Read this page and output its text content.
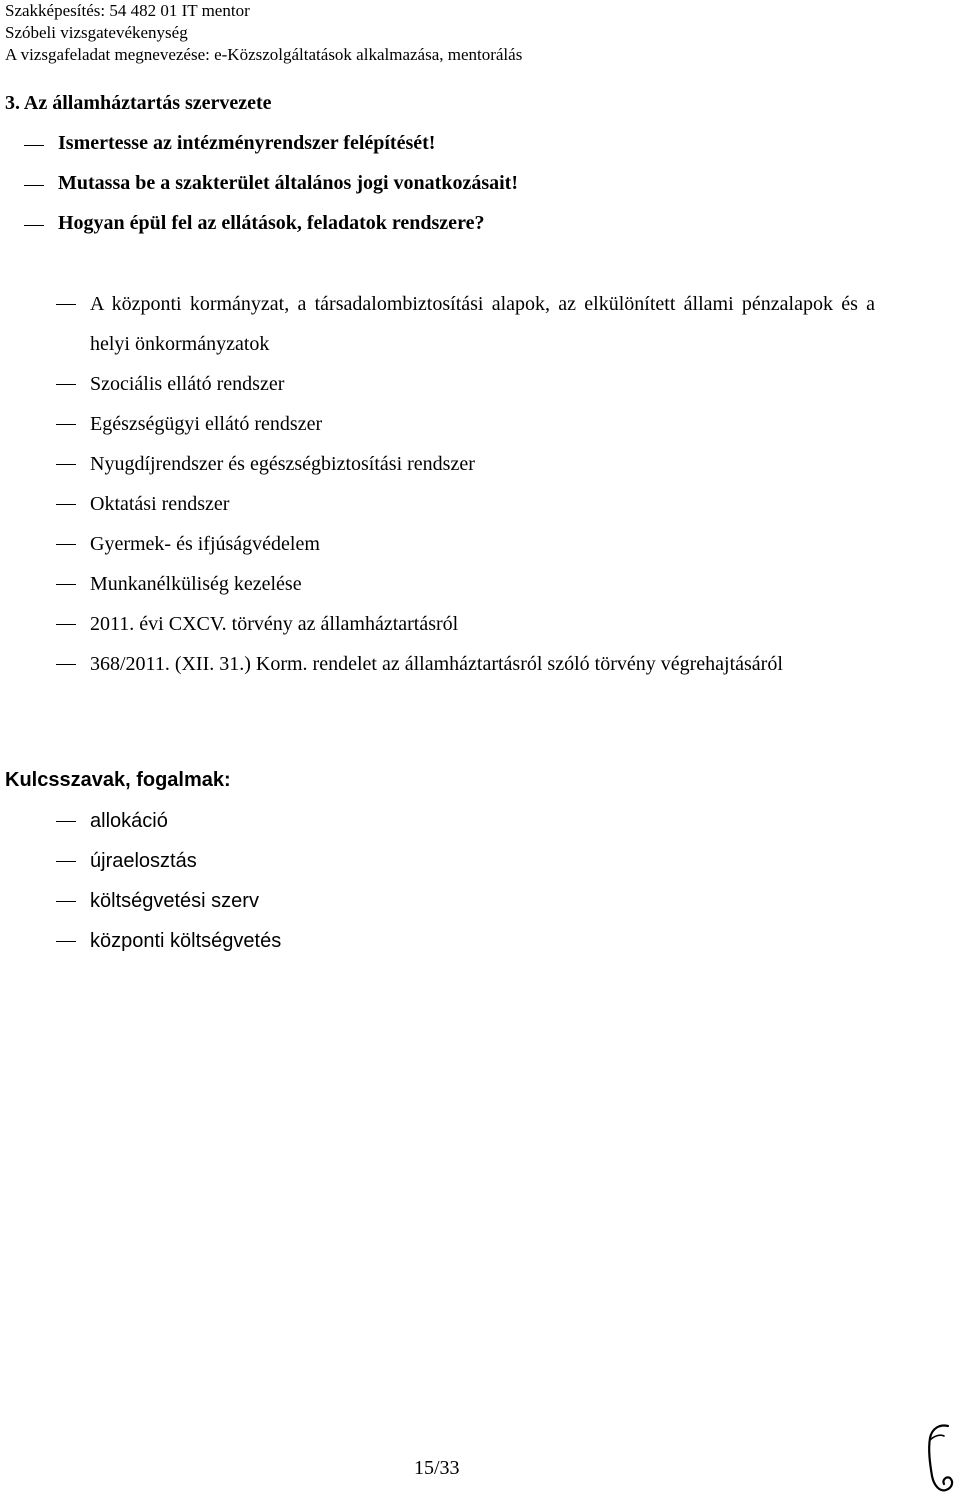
Szakképesítés: 54 482 01 IT mentor
Szóbeli vizsgatevékenység
A vizsgafeladat megnevezése: e-Közszolgáltatások alkalmazása, mentorálás
3. Az államháztartás szervezete
Ismertesse az intézményrendszer felépítését!
Mutassa be a szakterület általános jogi vonatkozásait!
Hogyan épül fel az ellátások, feladatok rendszere?
A központi kormányzat, a társadalombiztosítási alapok, az elkülönített állami pénzalapok és a helyi önkormányzatok
Szociális ellátó rendszer
Egészségügyi ellátó rendszer
Nyugdíjrendszer és egészségbiztosítási rendszer
Oktatási rendszer
Gyermek- és ifjúságvédelem
Munkanélküliség kezelése
2011. évi CXCV. törvény az államháztartásról
368/2011. (XII. 31.) Korm. rendelet az államháztartásról szóló törvény végrehajtásáról
Kulcsszavak, fogalmak:
allokáció
újraelosztás
költségvetési szerv
központi költségvetés
15/33
